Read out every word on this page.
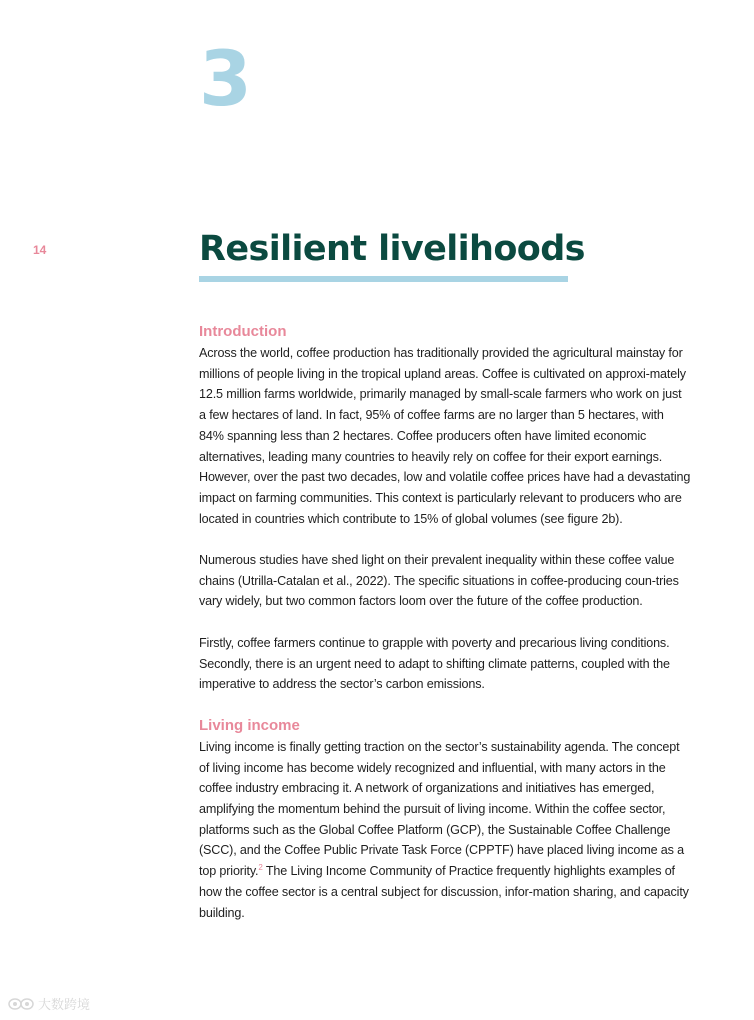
3
14	Resilient livelihoods
Introduction

Across the world, coffee production has traditionally provided the agricultural mainstay for millions of people living in the tropical upland areas. Coffee is cultivated on approxi-mately 12.5 million farms worldwide, primarily managed by small-scale farmers who work on just a few hectares of land. In fact, 95% of coffee farms are no larger than 5 hectares, with 84% spanning less than 2 hectares. Coffee producers often have limited economic alternatives, leading many countries to heavily rely on coffee for their export earnings. However, over the past two decades, low and volatile coffee prices have had a devastating impact on farming communities. This context is particularly relevant to producers who are located in countries which contribute to 15% of global volumes (see figure 2b).

Numerous studies have shed light on their prevalent inequality within these coffee value chains (Utrilla-Catalan et al., 2022). The specific situations in coffee-producing coun-tries vary widely, but two common factors loom over the future of the coffee production.

Firstly, coffee farmers continue to grapple with poverty and precarious living conditions. Secondly, there is an urgent need to adapt to shifting climate patterns, coupled with the imperative to address the sector’s carbon emissions.

Living income

Living income is finally getting traction on the sector’s sustainability agenda. The concept of living income has become widely recognized and influential, with many actors in the coffee industry embracing it. A network of organizations and initiatives has emerged, amplifying the momentum behind the pursuit of living income. Within the coffee sector, platforms such as the Global Coffee Platform (GCP), the Sustainable Coffee Challenge (SCC), and the Coffee Public Private Task Force (CPPTF) have placed living income as a top priority.$^2$ The Living Income Community of Practice frequently highlights examples of how the coffee sector is a central subject for discussion, infor-mation sharing, and capacity building.

大数跨境
